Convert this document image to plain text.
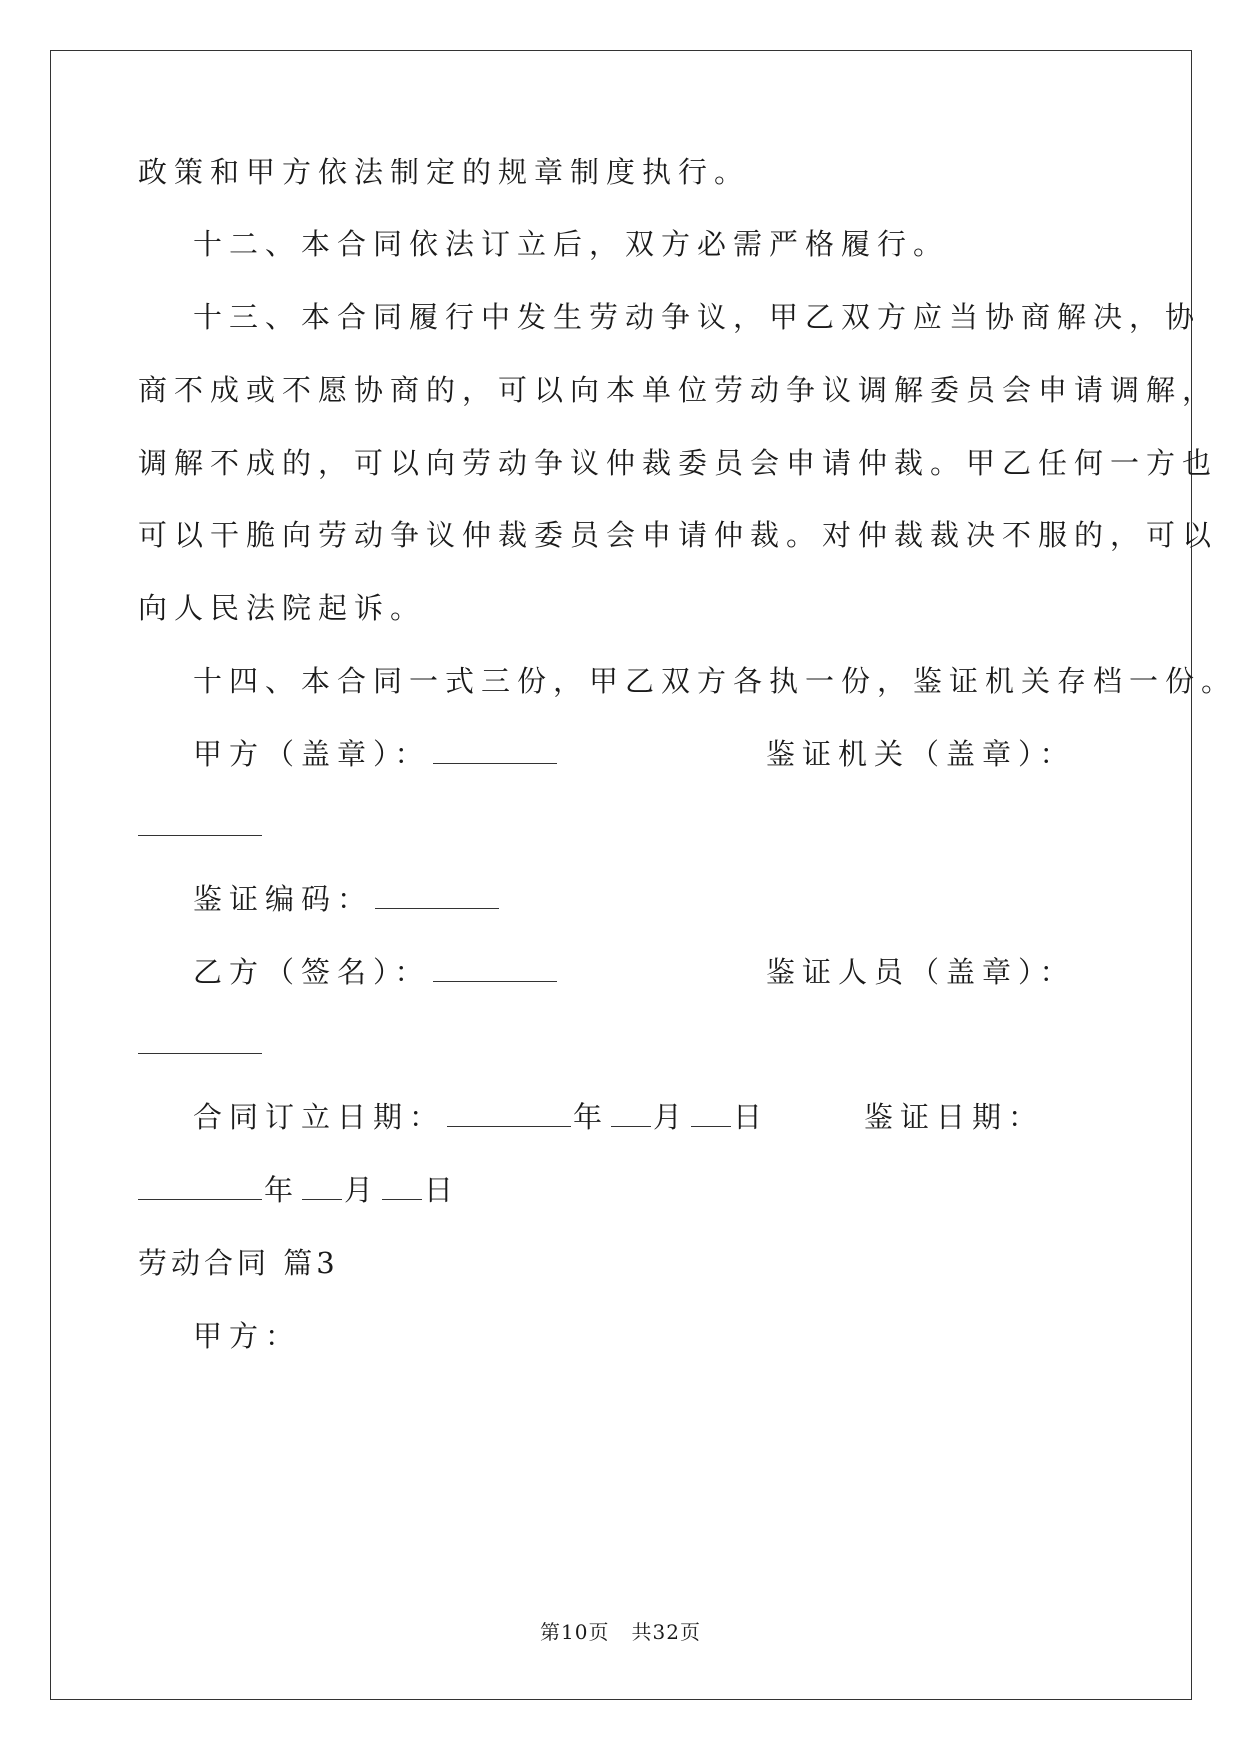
政策和甲方依法制定的规章制度执行。
十二、本合同依法订立后，双方必需严格履行。
十三、本合同履行中发生劳动争议，甲乙双方应当协商解决，协
商不成或不愿协商的，可以向本单位劳动争议调解委员会申请调解，
调解不成的，可以向劳动争议仲裁委员会申请仲裁。甲乙任何一方也
可以干脆向劳动争议仲裁委员会申请仲裁。对仲裁裁决不服的，可以
向人民法院起诉。
十四、本合同一式三份，甲乙双方各执一份，鉴证机关存档一份。
甲方（盖章）：	鉴证机关（盖章）：
鉴证编码：
乙方（签名）：	鉴证人员（盖章）：
合同订立日期：	年 月 日	鉴证日期：
年 月 日
劳动合同 篇3
甲方：
第10页 共32页
